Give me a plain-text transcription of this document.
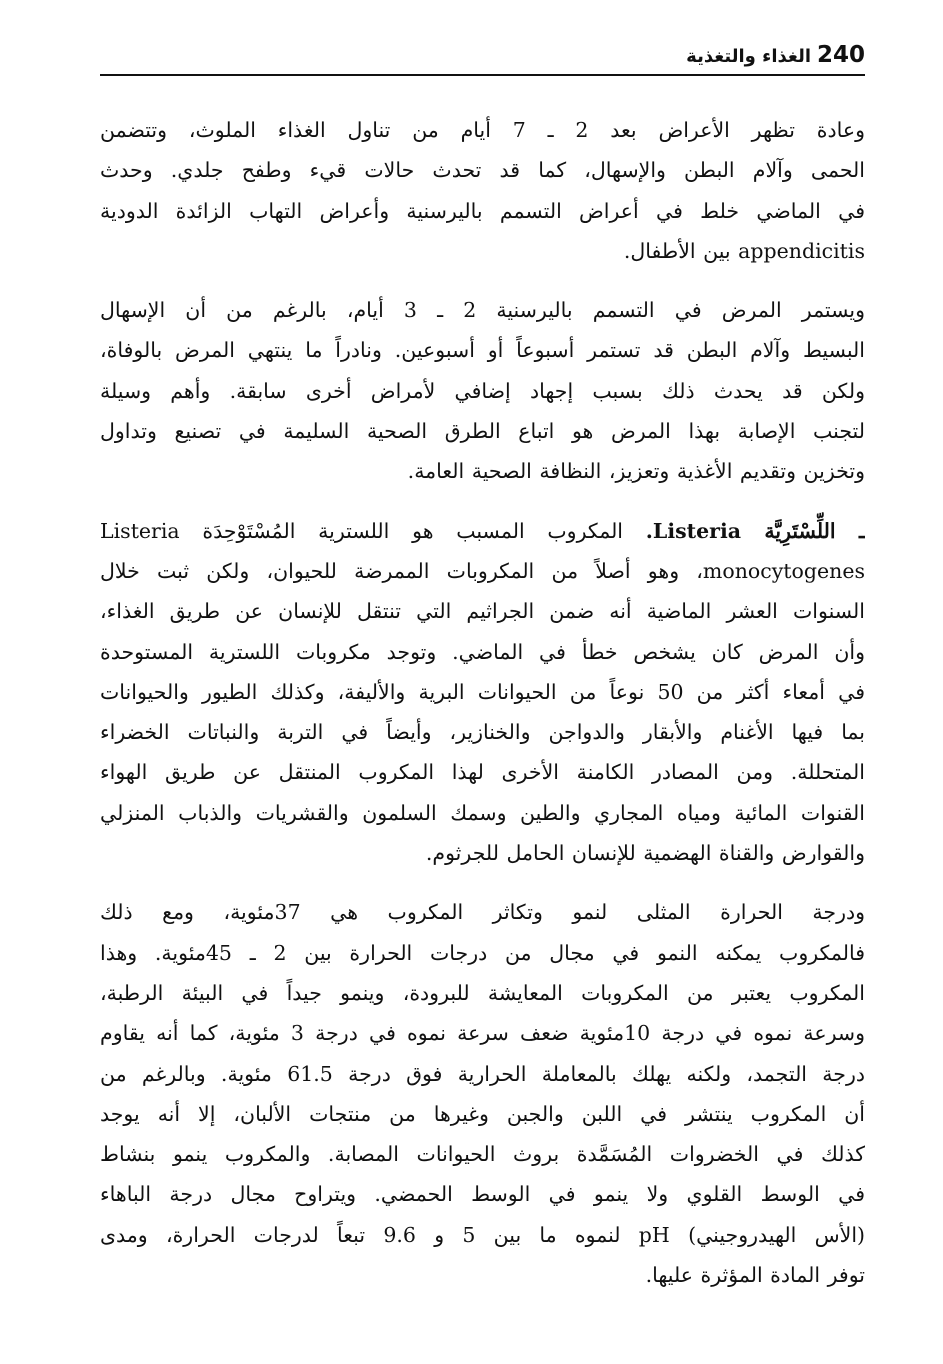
240
الغذاء والتغذية

وعادة تظهر الأعراض بعد 2 ـ 7 أيام من تناول الغذاء الملوث، وتتضمن
الحمى وآلام البطن والإسهال، كما قد تحدث حالات قيء وطفح جلدي. وحدث
في الماضي خلط في أعراض التسمم باليرسنية وأعراض التهاب الزائدة الدودية
appendicitis بين الأطفال.

ويستمر المرض في التسمم باليرسنية 2 ـ 3 أيام، بالرغم من أن الإسهال
البسيط وآلام البطن قد تستمر أسبوعاً أو أسبوعين. ونادراً ما ينتهي المرض بالوفاة،
ولكن قد يحدث ذلك بسبب إجهاد إضافي لأمراض أخرى سابقة. وأهم وسيلة
لتجنب الإصابة بهذا المرض هو اتباع الطرق الصحية السليمة في تصنيع وتداول
وتخزين وتقديم الأغذية وتعزيز، النظافة الصحية العامة.

ـ اللِّسْتَرِيَّة Listeria. المكروب المسبب هو اللسترية المُسْتَوْحِدَة Listeria
monocytogenes، وهو أصلاً من المكروبات الممرضة للحيوان، ولكن ثبت خلال
السنوات العشر الماضية أنه ضمن الجراثيم التي تنتقل للإنسان عن طريق الغذاء،
وأن المرض كان يشخص خطأ في الماضي. وتوجد مكروبات اللسترية المستوحدة
في أمعاء أكثر من 50 نوعاً من الحيوانات البرية والأليفة، وكذلك الطيور والحيوانات
بما فيها الأغنام والأبقار والدواجن والخنازير، وأيضاً في التربة والنباتات الخضراء
المتحللة. ومن المصادر الكامنة الأخرى لهذا المكروب المنتقل عن طريق الهواء
القنوات المائية ومياه المجاري والطين وسمك السلمون والقشريات والذباب المنزلي
والقوارض والقناة الهضمية للإنسان الحامل للجرثوم.

ودرجة الحرارة المثلى لنمو وتكاثر المكروب هي 37مئوية، ومع ذلك
فالمكروب يمكنه النمو في مجال من درجات الحرارة بين 2 ـ 45مئوية. وهذا
المكروب يعتبر من المكروبات المعايشة للبرودة، وينمو جيداً في البيئة الرطبة،
وسرعة نموه في درجة 10مئوية ضعف سرعة نموه في درجة 3 مئوية، كما أنه يقاوم
درجة التجمد، ولكنه يهلك بالمعاملة الحرارية فوق درجة 61.5 مئوية. وبالرغم من
أن المكروب ينتشر في اللبن والجبن وغيرها من منتجات الألبان، إلا أنه يوجد
كذلك في الخضروات المُسَمَّدة بروث الحيوانات المصابة. والمكروب ينمو بنشاط
في الوسط القلوي ولا ينمو في الوسط الحمضي. ويتراوح مجال درجة الباهاء
(الأس الهيدروجيني) pH لنموه ما بين 5 و 9.6 تبعاً لدرجات الحرارة، ومدى
توفر المادة المؤثرة عليها.
